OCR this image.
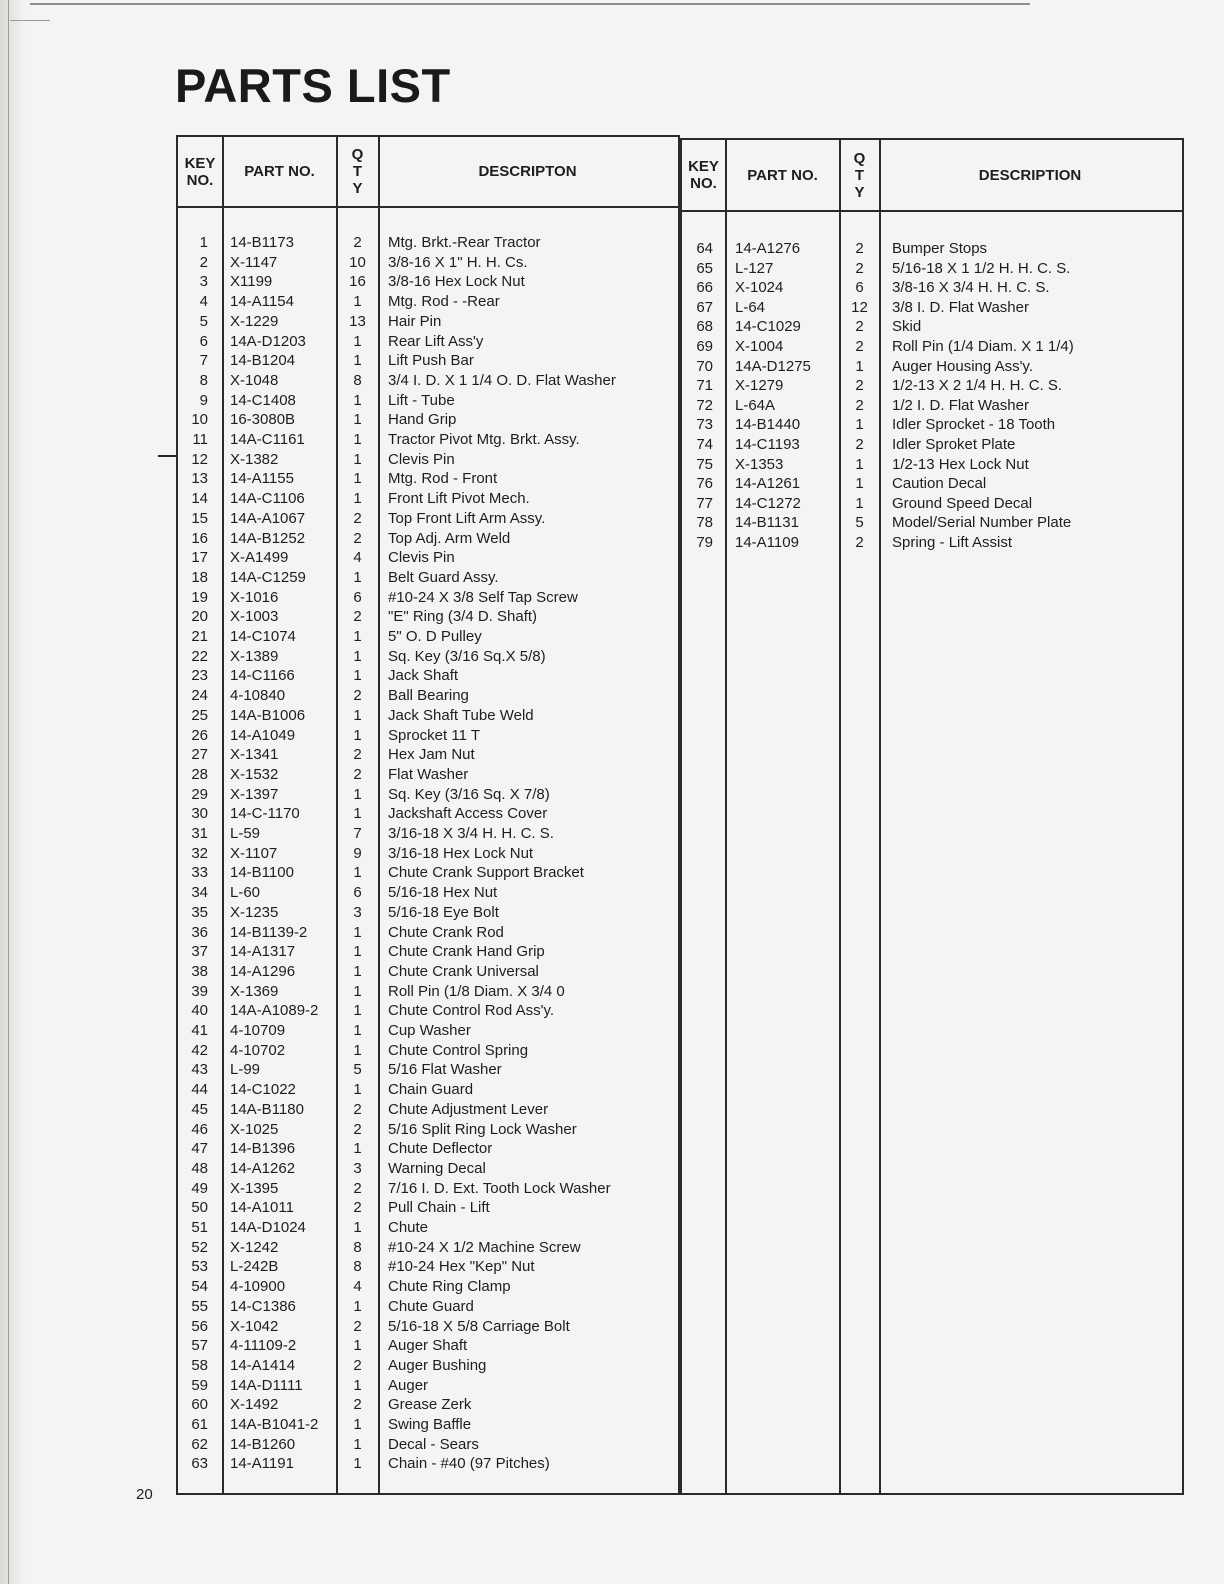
PARTS LIST
KEY
NO.	PART NO.
Q
T
Y
DESCRIPTON
1 14-B1173	2	Mtg. Brkt.-Rear Tractor
2 X-1147	10	3/8-16 X 1" H. H. Cs.
3 X1199	16	3/8-16 Hex Lock Nut
4 14-A1154	1	Mtg. Rod - -Rear
5 X-1229	13	Hair Pin
6 14A-D1203	1	Rear Lift Ass'y
7 14-B1204	1	Lift Push Bar
8 X-1048	8	3/4 I. D. X 1 1/4 O. D. Flat Washer
9 14-C1408	1	Lift - Tube
10 16-3080B	1	Hand Grip
11 14A-C1161	1	Tractor Pivot Mtg. Brkt. Assy.
12 X-1382	1	Clevis Pin
13 14-A1155	1	Mtg. Rod - Front
14 14A-C1106	1	Front Lift Pivot Mech.
15 14A-A1067	2	Top Front Lift Arm Assy.
16 14A-B1252	2	Top Adj. Arm Weld
17 X-A1499	4	Clevis Pin
18 14A-C1259	1	Belt Guard Assy.
19 X-1016	6	#10-24 X 3/8 Self Tap Screw
20 X-1003	2	"E" Ring (3/4 D. Shaft)
21 14-C1074	1	5" O. D Pulley
22 X-1389	1	Sq. Key (3/16 Sq.X 5/8)
23 14-C1166	1	Jack Shaft
24 4-10840	2	Ball Bearing
25 14A-B1006	1	Jack Shaft Tube Weld
26 14-A1049	1	Sprocket 11 T
27 X-1341	2	Hex Jam Nut
28 X-1532	2	Flat Washer
29 X-1397	1	Sq. Key (3/16 Sq. X 7/8)
30 14-C-1170	1	Jackshaft Access Cover
31 L-59	7	3/16-18 X 3/4 H. H. C. S.
32 X-1107	9	3/16-18 Hex Lock Nut
33 14-B1100	1	Chute Crank Support Bracket
34 L-60	6	5/16-18 Hex Nut
35 X-1235	3	5/16-18 Eye Bolt
36 14-B1139-2	1	Chute Crank Rod
37 14-A1317	1	Chute Crank Hand Grip
38 14-A1296	1	Chute Crank Universal
39 X-1369	1	Roll Pin (1/8 Diam. X 3/4 0
40 14A-A1089-2	1	Chute Control Rod Ass'y.
41 4-10709	1	Cup Washer
42 4-10702	1	Chute Control Spring
43 L-99	5	5/16 Flat Washer
44 14-C1022	1	Chain Guard
45 14A-B1180	2	Chute Adjustment Lever
46 X-1025	2	5/16 Split Ring Lock Washer
47 14-B1396	1	Chute Deflector
48 14-A1262	3	Warning Decal
49 X-1395	2	7/16 I. D. Ext. Tooth Lock Washer
50 14-A1011	2	Pull Chain - Lift
51 14A-D1024	1	Chute
52 X-1242	8	#10-24 X 1/2 Machine Screw
53 L-242B	8	#10-24 Hex "Kep" Nut
54 4-10900	4	Chute Ring Clamp
55 14-C1386	1	Chute Guard
56 X-1042	2	5/16-18 X 5/8 Carriage Bolt
57 4-11109-2	1	Auger Shaft
58 14-A1414	2	Auger Bushing
59 14A-D1111	1	Auger
60 X-1492	2	Grease Zerk
61 14A-B1041-2	1	Swing Baffle
62 14-B1260	1	Decal - Sears
63 14-A1191	1	Chain - #40 (97 Pitches)
KEY
NO.	PART NO.
Q
T
Y
DESCRIPTION
64 14-A1276	2	Bumper Stops
65 L-127	2	5/16-18 X 1 1/2 H. H. C. S.
66 X-1024	6	3/8-16 X 3/4 H. H. C. S.
67 L-64	12	3/8 I. D. Flat Washer
68 14-C1029	2	Skid
69 X-1004	2	Roll Pin (1/4 Diam. X 1 1/4)
70 14A-D1275	1	Auger Housing Ass'y.
71 X-1279	2	1/2-13 X 2 1/4 H. H. C. S.
72 L-64A	2	1/2 I. D. Flat Washer
73 14-B1440	1	Idler Sprocket - 18 Tooth
74 14-C1193	2	Idler Sproket Plate
75 X-1353	1	1/2-13 Hex Lock Nut
76 14-A1261	1	Caution Decal
77 14-C1272	1	Ground Speed Decal
78 14-B1131	5	Model/Serial Number Plate
79 14-A1109	2	Spring - Lift Assist
20
